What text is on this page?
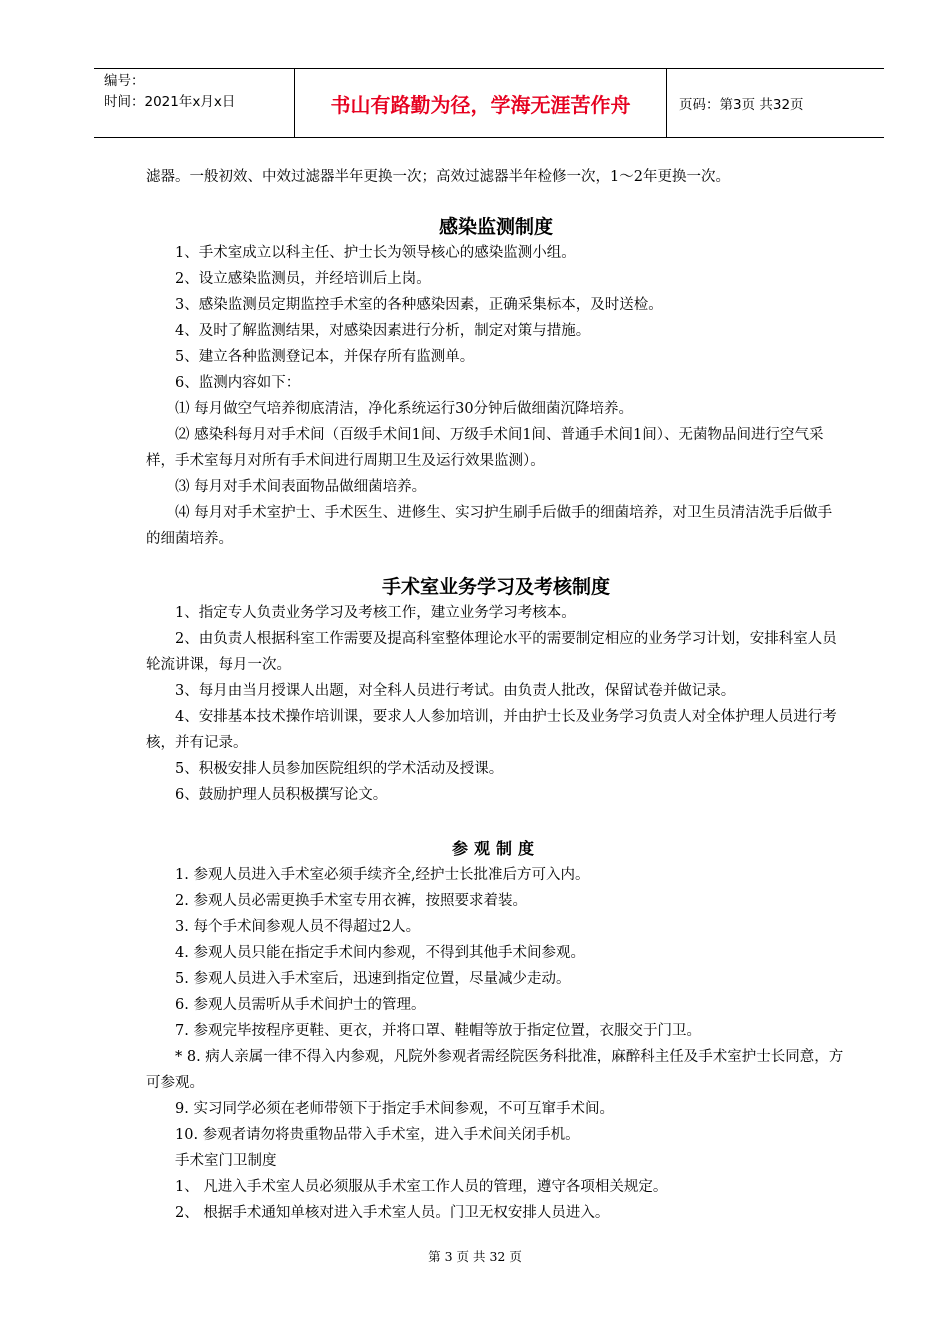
编号：
时间：2021年x月x日	书山有路勤为径，学海无涯苦作舟	页码：第3页 共32页

滤器。一般初效、中效过滤器半年更换一次；高效过滤器半年检修一次，1～2年更换一次。

感染监测制度

1、手术室成立以科主任、护士长为领导核心的感染监测小组。

2、设立感染监测员，并经培训后上岗。

3、感染监测员定期监控手术室的各种感染因素，正确采集标本，及时送检。

4、及时了解监测结果，对感染因素进行分析，制定对策与措施。

5、建立各种监测登记本，并保存所有监测单。

6、监测内容如下：

⑴ 每月做空气培养彻底清洁，净化系统运行30分钟后做细菌沉降培养。

⑵ 感染科每月对手术间（百级手术间1间、万级手术间1间、普通手术间1间）、无菌物品间进行空气采样，手术室每月对所有手术间进行周期卫生及运行效果监测）。

⑶ 每月对手术间表面物品做细菌培养。

⑷ 每月对手术室护士、手术医生、进修生、实习护生刷手后做手的细菌培养，对卫生员清洁洗手后做手的细菌培养。

手术室业务学习及考核制度

1、指定专人负责业务学习及考核工作，建立业务学习考核本。

2、由负责人根据科室工作需要及提高科室整体理论水平的需要制定相应的业务学习计划，安排科室人员轮流讲课，每月一次。

3、每月由当月授课人出题，对全科人员进行考试。由负责人批改，保留试卷并做记录。

4、安排基本技术操作培训课，要求人人参加培训，并由护士长及业务学习负责人对全体护理人员进行考核，并有记录。

5、积极安排人员参加医院组织的学术活动及授课。

6、鼓励护理人员积极撰写论文。

参观制度

1. 参观人员进入手术室必须手续齐全,经护士长批准后方可入内。

2. 参观人员必需更换手术室专用衣裤，按照要求着装。

3. 每个手术间参观人员不得超过2人。

4. 参观人员只能在指定手术间内参观，不得到其他手术间参观。

5. 参观人员进入手术室后，迅速到指定位置，尽量减少走动。

6. 参观人员需听从手术间护士的管理。

7. 参观完毕按程序更鞋、更衣，并将口罩、鞋帽等放于指定位置，衣服交于门卫。

* 8. 病人亲属一律不得入内参观，凡院外参观者需经院医务科批准，麻醉科主任及手术室护士长同意，方可参观。

9. 实习同学必须在老师带领下于指定手术间参观，不可互窜手术间。

10. 参观者请勿将贵重物品带入手术室，进入手术间关闭手机。

手术室门卫制度

1、 凡进入手术室人员必须服从手术室工作人员的管理，遵守各项相关规定。

2、 根据手术通知单核对进入手术室人员。门卫无权安排人员进入。

第 3 页 共 32 页
